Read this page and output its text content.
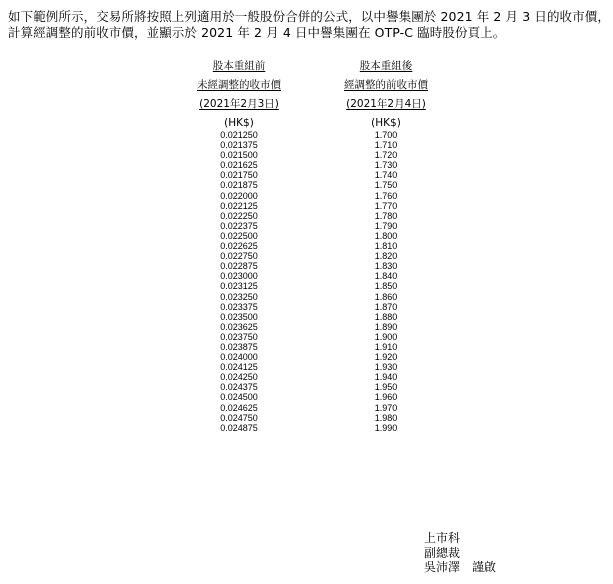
如下範例所示，交易所將按照上列適用於一般股份合併的公式，以中譽集團於 2021 年 2 月 3 日的收市價，

計算經調整的前收市價，並顯示於 2021 年 2 月 4 日中譽集團在 OTP-C 臨時股份頁上。

股本重組前
未經調整的收市價
(2021年2月3日)
(HK$)
0.021250
0.021375
0.021500
0.021625
0.021750
0.021875
0.022000
0.022125
0.022250
0.022375
0.022500
0.022625
0.022750
0.022875
0.023000
0.023125
0.023250
0.023375
0.023500
0.023625
0.023750
0.023875
0.024000
0.024125
0.024250
0.024375
0.024500
0.024625
0.024750
0.024875
股本重組後
經調整的前收市價
(2021年2月4日)
(HK$)
1.700
1.710
1.720
1.730
1.740
1.750
1.760
1.770
1.780
1.790
1.800
1.810
1.820
1.830
1.840
1.850
1.860
1.870
1.880
1.890
1.900
1.910
1.920
1.930
1.940
1.950
1.960
1.970
1.980
1.990
上市科
副總裁
吳沛澤 謹啟
